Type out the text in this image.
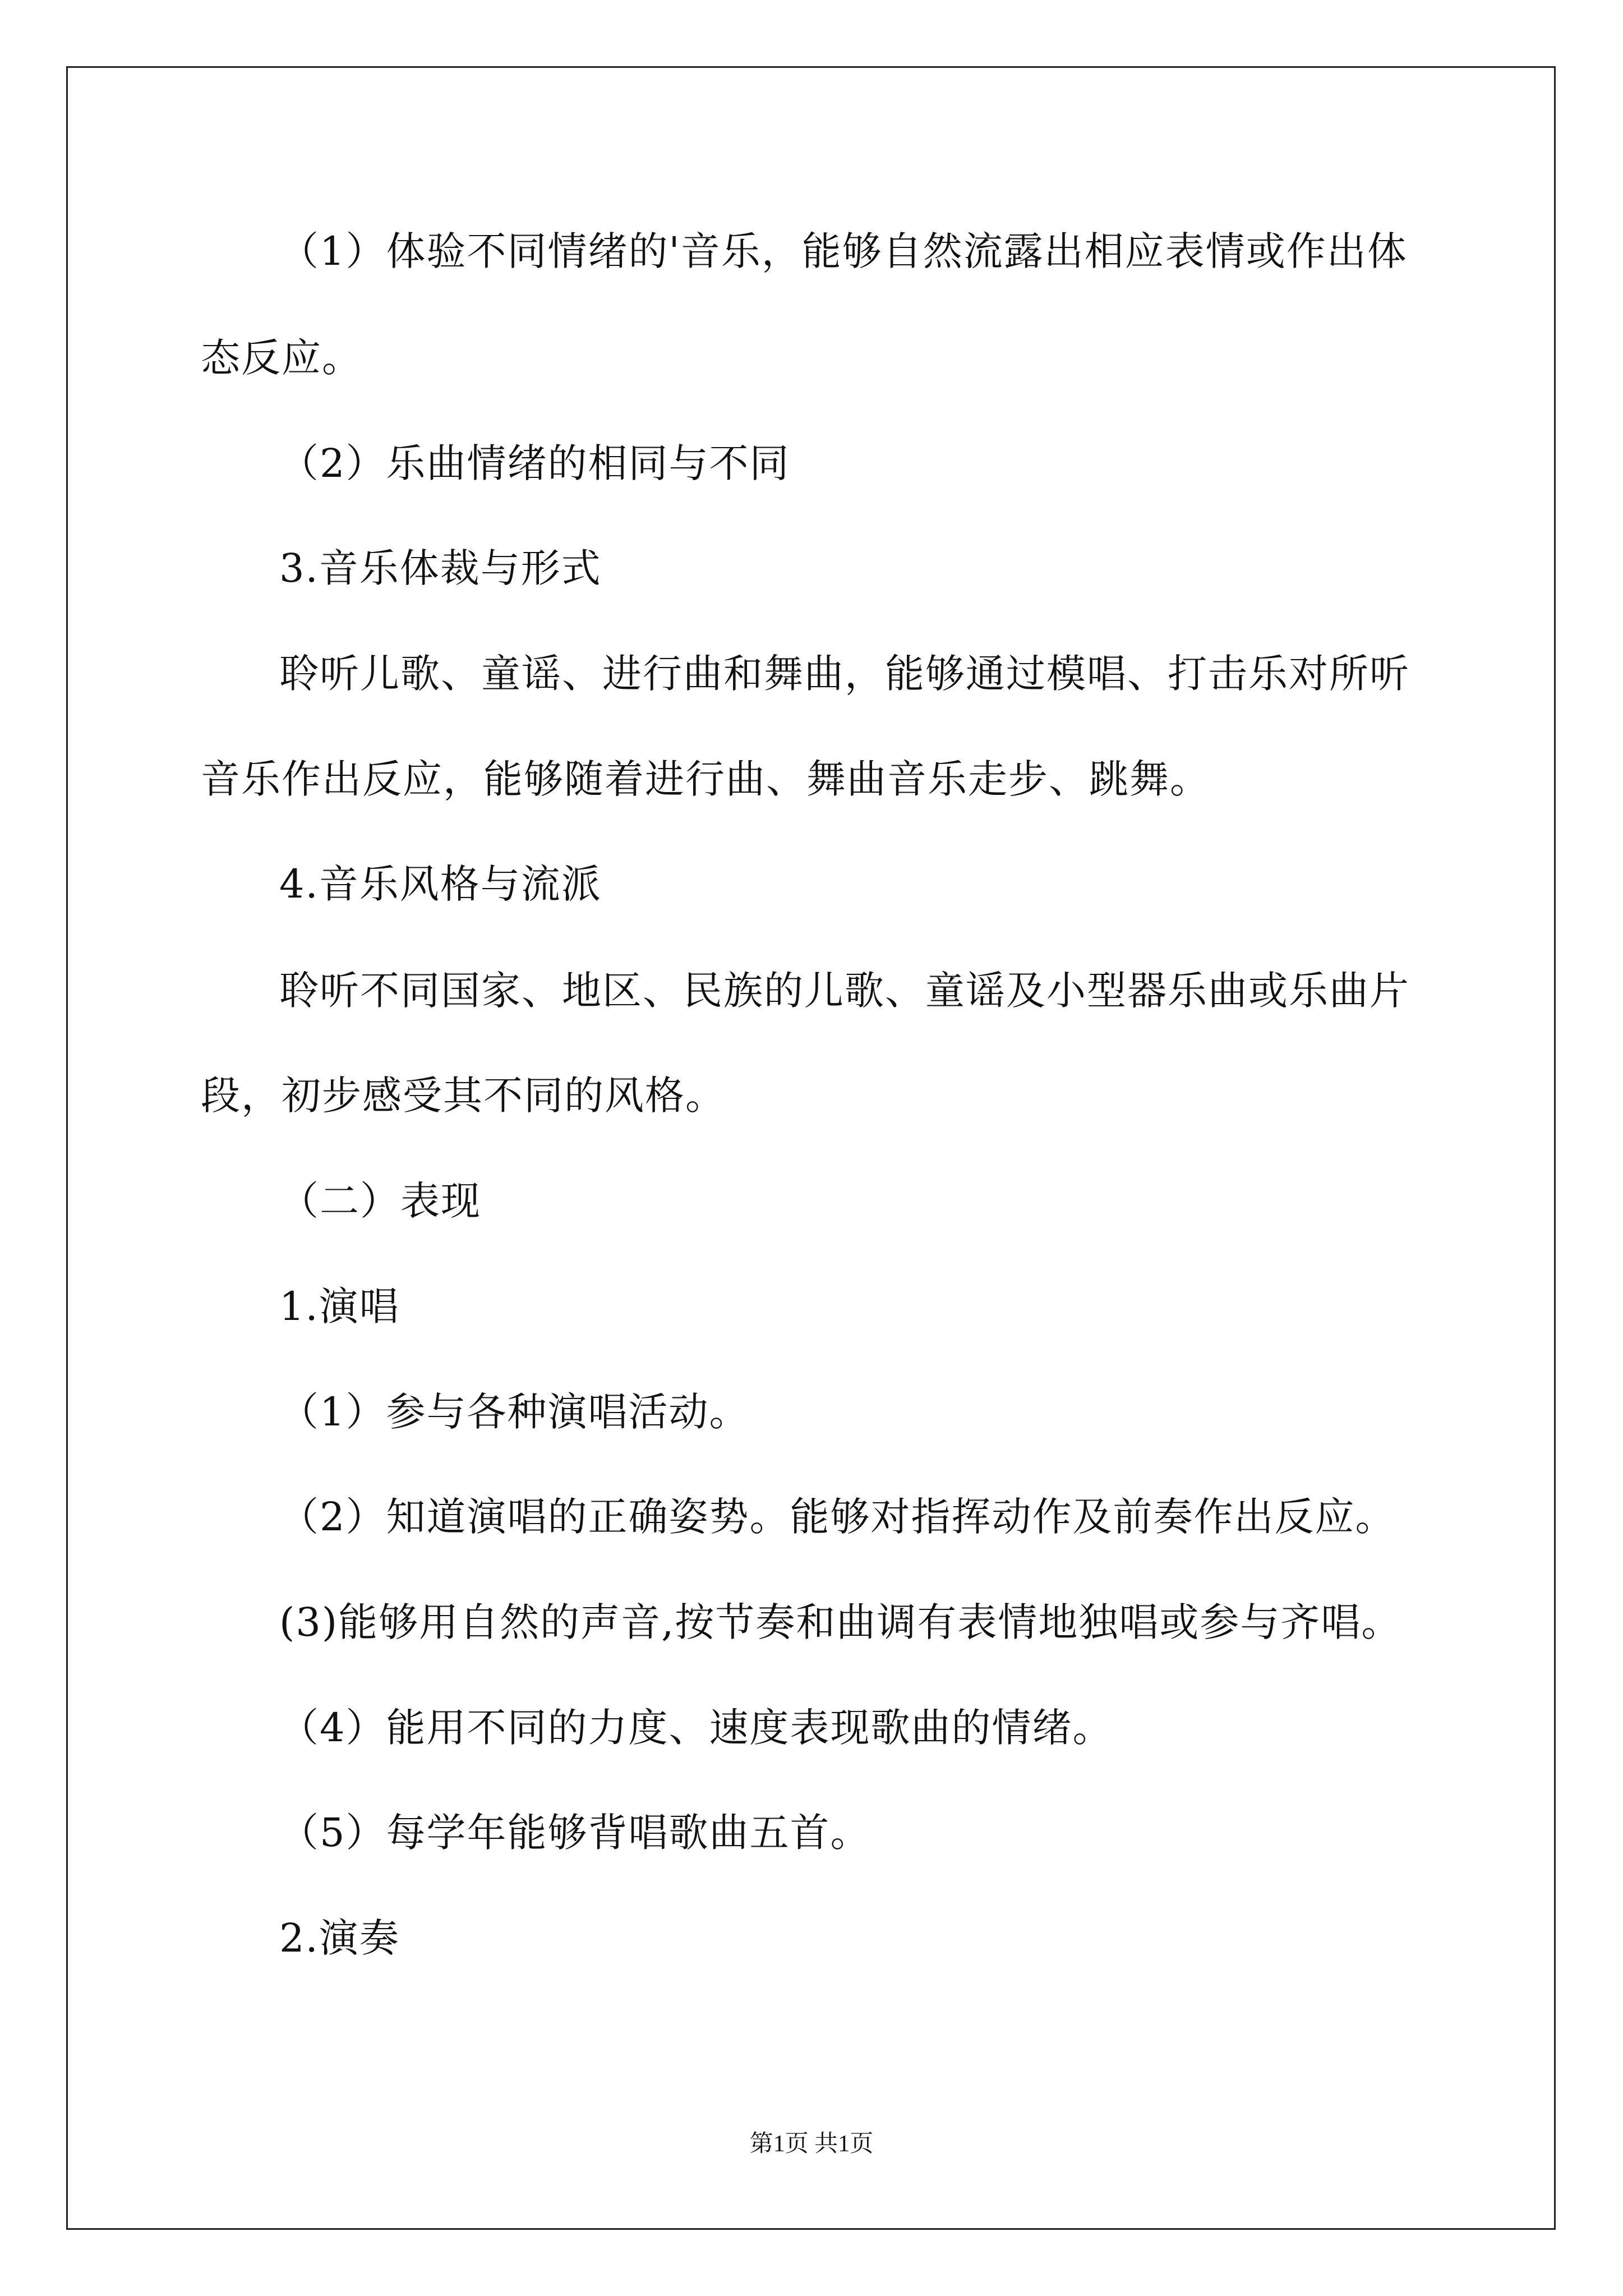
（1）体验不同情绪的'音乐，能够自然流露出相应表情或作出体
态反应。
（2）乐曲情绪的相同与不同
3.音乐体裁与形式
聆听儿歌、童谣、进行曲和舞曲，能够通过模唱、打击乐对所听
音乐作出反应，能够随着进行曲、舞曲音乐走步、跳舞。
4.音乐风格与流派
聆听不同国家、地区、民族的儿歌、童谣及小型器乐曲或乐曲片
段，初步感受其不同的风格。
（二）表现
1.演唱
（1）参与各种演唱活动。
（2）知道演唱的正确姿势。能够对指挥动作及前奏作出反应。
(3)能够用自然的声音,按节奏和曲调有表情地独唱或参与齐唱。
（4）能用不同的力度、速度表现歌曲的情绪。
（5）每学年能够背唱歌曲五首。
2.演奏
第1页 共1页
